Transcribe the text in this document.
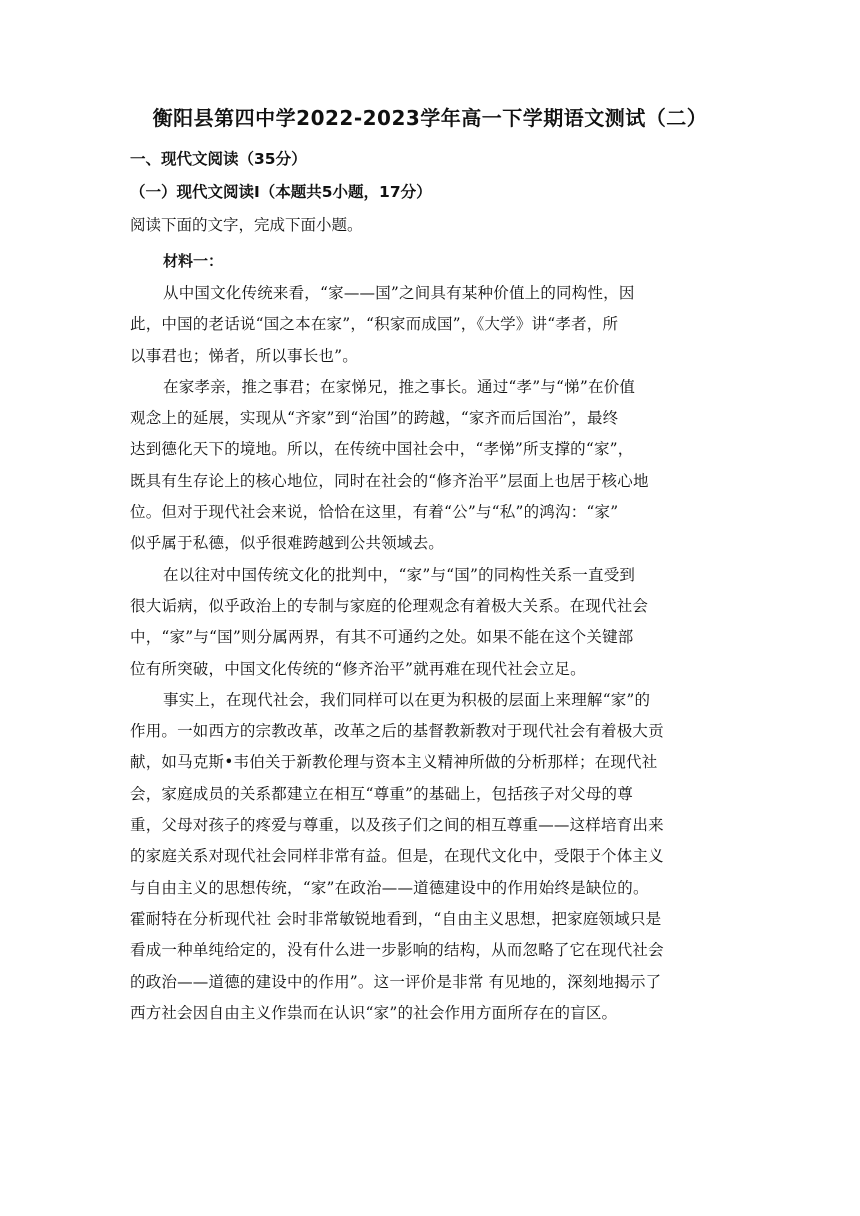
衡阳县第四中学2022-2023学年高一下学期语文测试（二）
一、现代文阅读（35分）
（一）现代文阅读Ⅰ（本题共5小题，17分）
阅读下面的文字，完成下面小题。
材料一：
从中国文化传统来看，“家——国”之间具有某种价值上的同构性，因
此，中国的老话说“国之本在家”，“积家而成国”，《大学》讲“孝者，所
以事君也；悌者，所以事长也”。
在家孝亲，推之事君；在家悌兄，推之事长。通过“孝”与“悌”在价值
观念上的延展，实现从“齐家”到“治国”的跨越，“家齐而后国治”，最终
达到德化天下的境地。所以，在传统中国社会中，“孝悌”所支撑的“家”，
既具有生存论上的核心地位，同时在社会的“修齐治平”层面上也居于核心地
位。但对于现代社会来说，恰恰在这里，有着“公”与“私”的鸿沟：“家”
似乎属于私德，似乎很难跨越到公共领域去。
在以往对中国传统文化的批判中，“家”与“国”的同构性关系一直受到
很大诟病，似乎政治上的专制与家庭的伦理观念有着极大关系。在现代社会
中，“家”与“国”则分属两界，有其不可通约之处。如果不能在这个关键部
位有所突破，中国文化传统的“修齐治平”就再难在现代社会立足。
事实上，在现代社会，我们同样可以在更为积极的层面上来理解“家”的
作用。一如西方的宗教改革，改革之后的基督教新教对于现代社会有着极大贡
献，如马克斯•韦伯关于新教伦理与资本主义精神所做的分析那样；在现代社
会，家庭成员的关系都建立在相互“尊重”的基础上，包括孩子对父母的尊
重，父母对孩子的疼爱与尊重，以及孩子们之间的相互尊重——这样培育出来
的家庭关系对现代社会同样非常有益。但是，在现代文化中，受限于个体主义
与自由主义的思想传统，“家”在政治——道德建设中的作用始终是缺位的。
霍耐特在分析现代社 会时非常敏锐地看到，“自由主义思想，把家庭领域只是
看成一种单纯给定的，没有什么进一步影响的结构，从而忽略了它在现代社会
的政治——道德的建设中的作用”。这一评价是非常 有见地的，深刻地揭示了
西方社会因自由主义作祟而在认识“家”的社会作用方面所存在的盲区。
